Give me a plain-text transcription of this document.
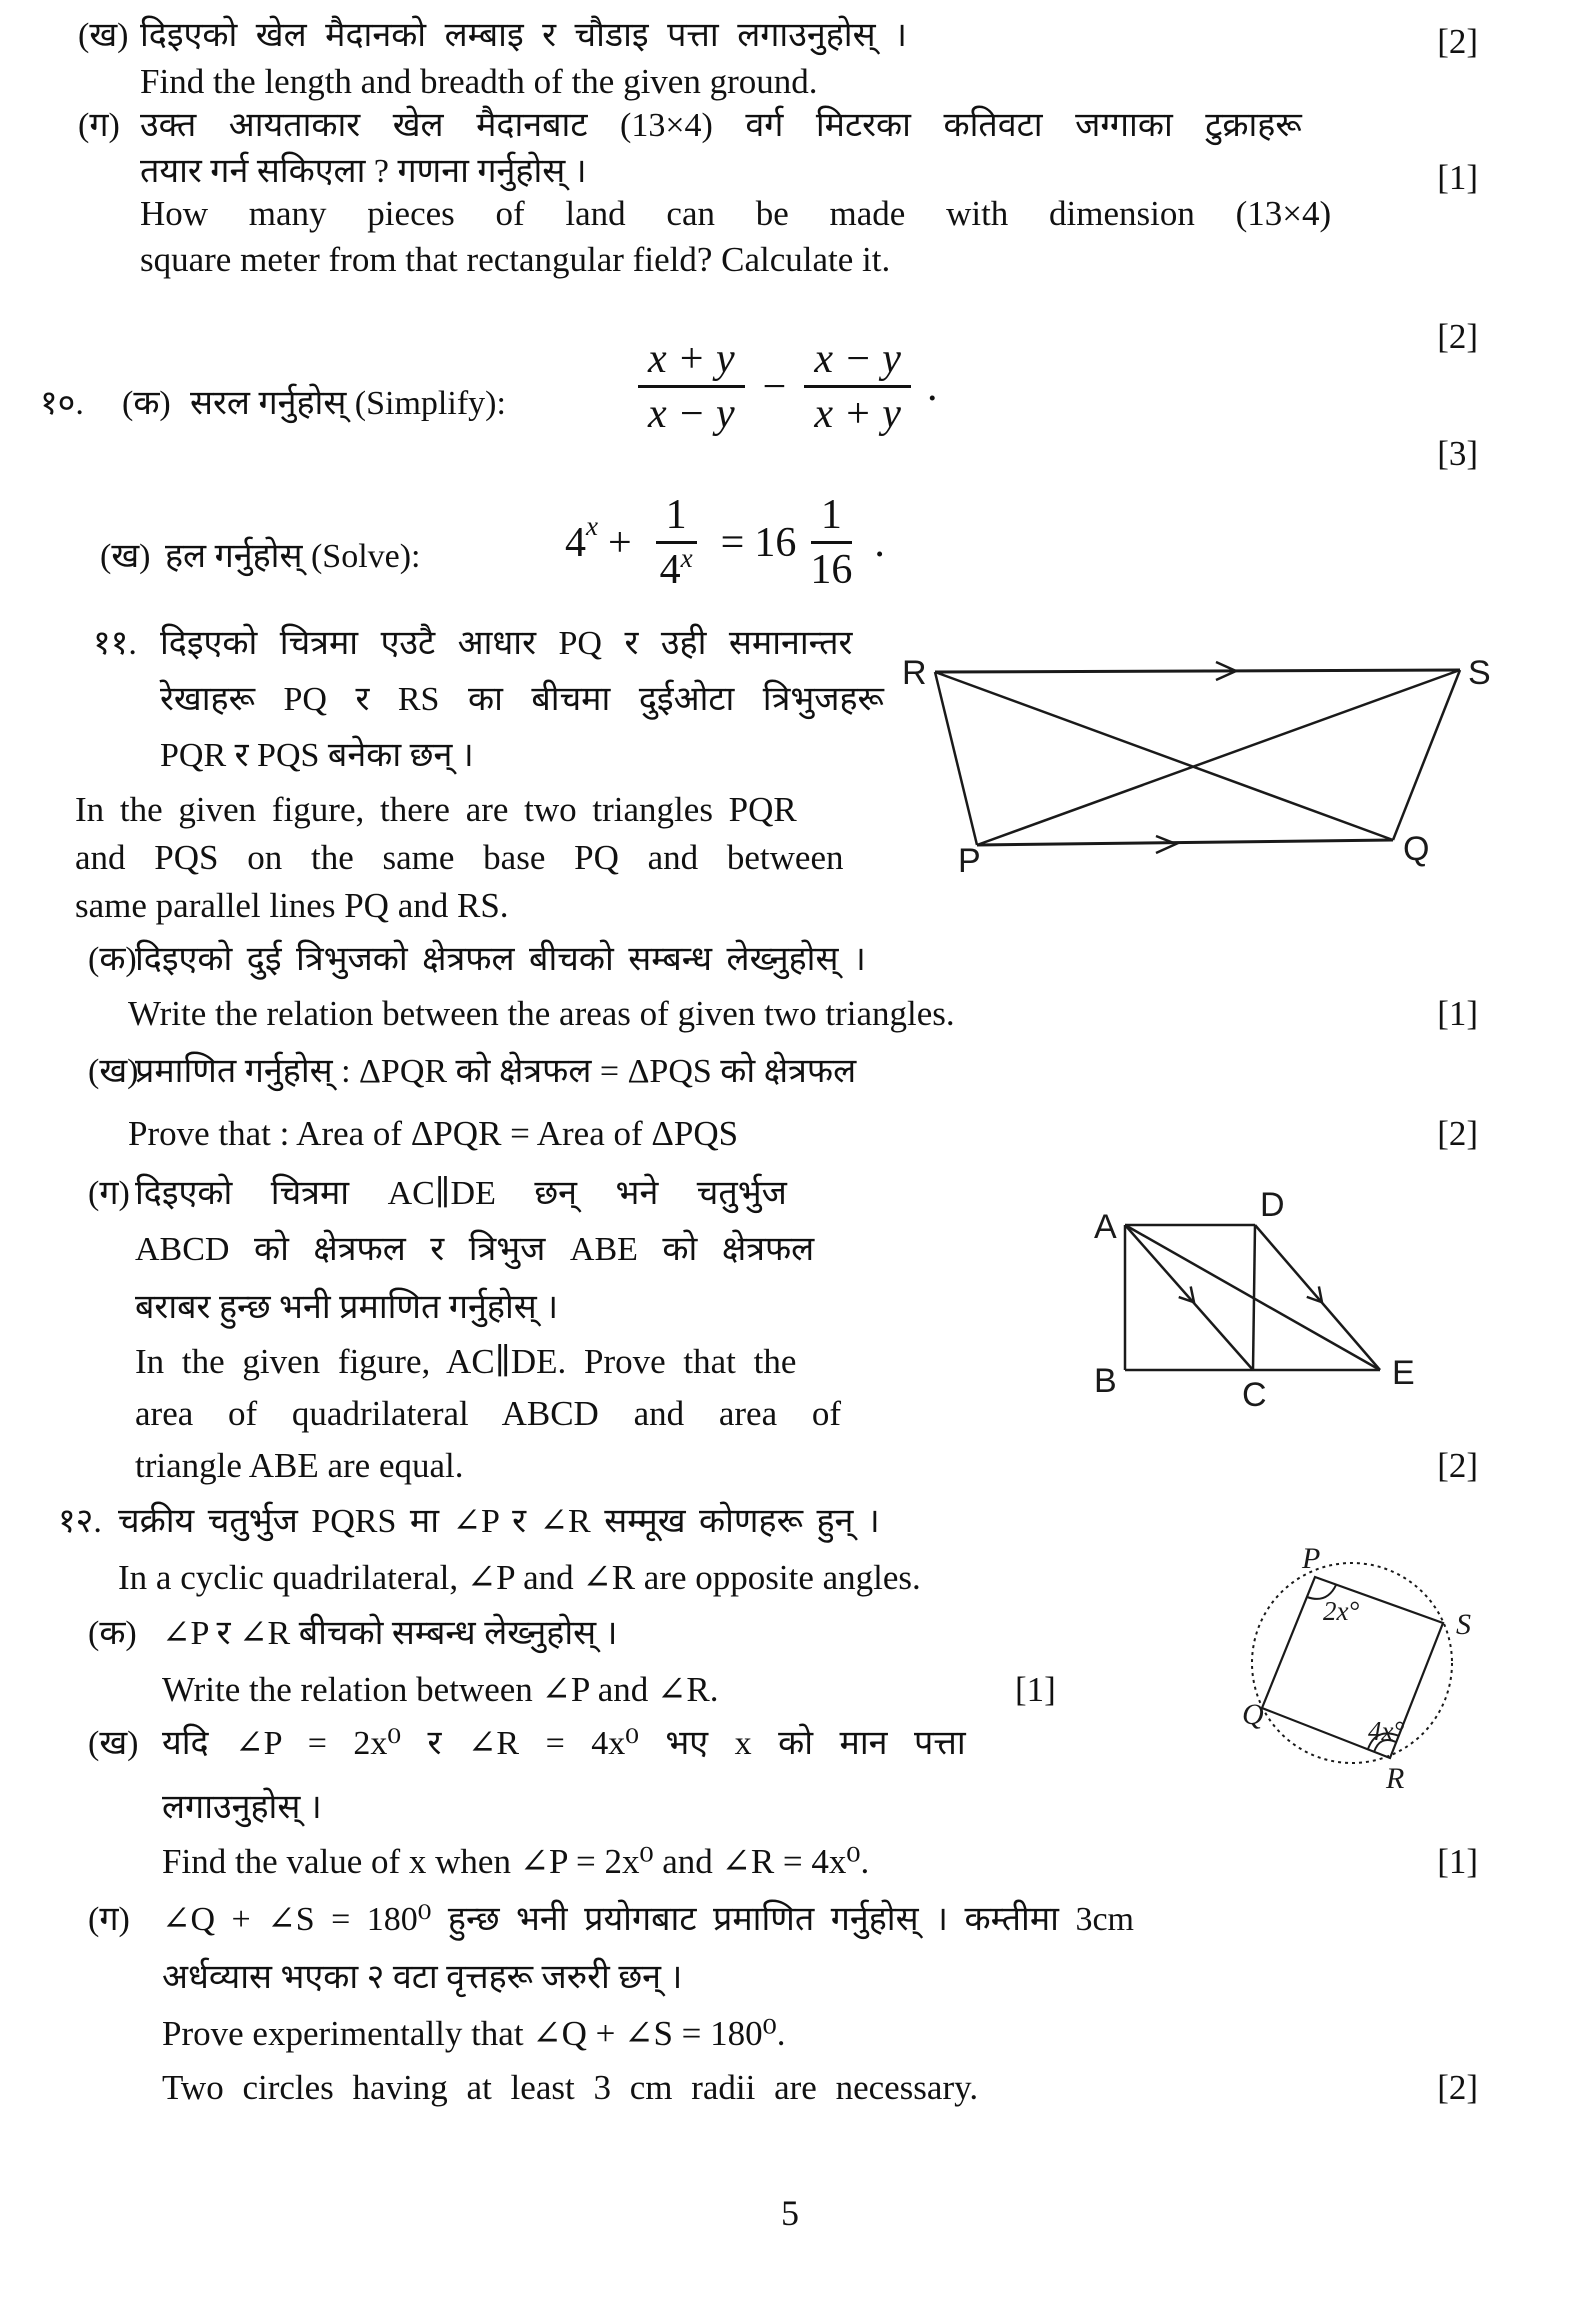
(ख) दिइएको खेल मैदानको लम्बाइ र चौडाइ पत्ता लगाउनुहोस् ।	[2]
Find the length and breadth of the given ground.
(ग) उक्त आयताकार खेल मैदानबाट (13×4) वर्ग मिटरका कतिवटा जग्गाका टुक्राहरू
तयार गर्न सकिएला ? गणना गर्नुहोस् ।	[1]
How many pieces of land can be made with dimension (13×4)
square meter from that rectangular field? Calculate it.
१०. (क) सरल गर्नुहोस् (Simplify):	$\frac{x + y}{x - y} - \frac{x - y}{x + y}$ .
[2]
(ख) हल गर्नुहोस् (Solve):	4 $x + \frac{1}{4^x} = 16 \frac{1}{16}$ .
[3]
११. दिइएको चित्रमा एउटै आधार PQ र उही समानान्तर
रेखाहरू PQ र RS का बीचमा दुईओटा त्रिभुजहरू
PQR र PQS बनेका छन् ।
In the given figure, there are two triangles PQR
and PQS on the same base PQ and between
same parallel lines PQ and RS.
R	S
P	Q
(क)
दिइएको दुई त्रिभुजको क्षेत्रफल बीचको सम्बन्ध लेख्नुहोस् ।
Write the relation between the areas of given two triangles.	[1]
(ख)
प्रमाणित गर्नुहोस् : ΔPQR को क्षेत्रफल = ΔPQS को क्षेत्रफल
Prove that : Area of ΔPQR = Area of ΔPQS	[2]
(ग) दिइएको चित्रमा AC∥DE छन् भने चतुर्भुज
ABCD को क्षेत्रफल र त्रिभुज ABE को क्षेत्रफल
बराबर हुन्छ भनी प्रमाणित गर्नुहोस् ।
In the given figure, AC∥DE. Prove that the
area of quadrilateral ABCD and area of
triangle ABE are equal.	[2]
A
D
B	C
E
१२. चक्रीय चतुर्भुज PQRS मा ∠P र ∠R सम्मूख कोणहरू हुन् ।
In a cyclic quadrilateral, ∠P and ∠R are opposite angles.
(क) ∠P र ∠R बीचको सम्बन्ध लेख्नुहोस् ।
Write the relation between ∠P and ∠R.	[1]
(ख) यदि ∠P = 2x⁰ र ∠R = 4x⁰ भए x को मान पत्ता
लगाउनुहोस् ।
Find the value of x when ∠P = 2x⁰ and ∠R = 4x⁰.	[1]
(ग) ∠Q + ∠S = 180⁰ हुन्छ भनी प्रयोगबाट प्रमाणित गर्नुहोस् । कम्तीमा 3cm
अर्धव्यास भएका २ वटा वृत्तहरू जरुरी छन् ।
Prove experimentally that ∠Q + ∠S = 180⁰.
Two circles having at least 3 cm radii are necessary.	[2]
P
S
Q
R
2x°
4x°
5
